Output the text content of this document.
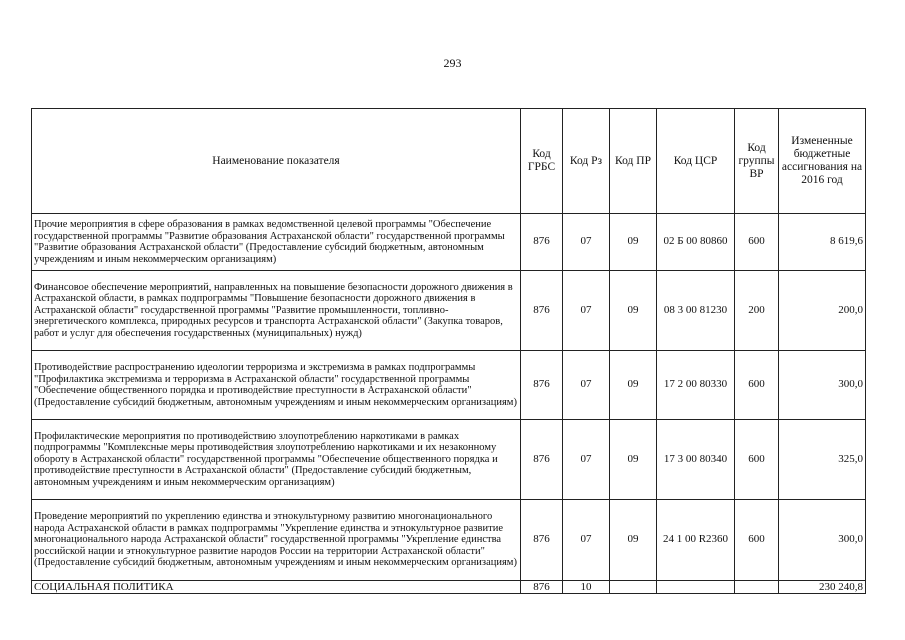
293
Наименование показателя	Код ГРБС	Код Рз	Код ПР	Код ЦСР	Код группы ВР	Измененные бюджетные ассигнования на 2016 год
Прочие мероприятия в сфере образования в рамках ведомственной целевой программы "Обеспечение государственной программы "Развитие образования Астраханской области" государственной программы "Развитие образования Астраханской области" (Предоставление субсидий бюджетным, автономным учреждениям и иным некоммерческим организациям)	876	07	09	02 Б 00 80860	600	8 619,6
Финансовое обеспечение мероприятий, направленных на повышение безопасности дорожного движения в Астраханской области, в рамках подпрограммы "Повышение безопасности дорожного движения в Астраханской области" государственной программы "Развитие промышленности, топливно-энергетического комплекса, природных ресурсов и транспорта Астраханской области" (Закупка товаров, работ и услуг для обеспечения государственных (муниципальных) нужд)	876	07	09	08 3 00 81230	200	200,0
Противодействие распространению идеологии терроризма и экстремизма в рамках подпрограммы "Профилактика экстремизма и терроризма в Астраханской области" государственной программы "Обеспечение общественного порядка и противодействие преступности в Астраханской области" (Предоставление субсидий бюджетным, автономным учреждениям и иным некоммерческим организациям)	876	07	09	17 2 00 80330	600	300,0
Профилактические мероприятия по противодействию злоупотреблению наркотиками в рамках подпрограммы "Комплексные меры противодействия злоупотреблению наркотиками и их незаконному обороту в Астраханской области" государственной программы "Обеспечение общественного порядка и противодействие преступности в Астраханской области" (Предоставление субсидий бюджетным, автономным учреждениям и иным некоммерческим организациям)	876	07	09	17 3 00 80340	600	325,0
Проведение мероприятий по укреплению единства и этнокультурному развитию многонационального народа Астраханской области в рамках подпрограммы "Укрепление единства и этнокультурное развитие многонационального народа Астраханской области" государственной программы "Укрепление единства российской нации и этнокультурное развитие народов России на территории Астраханской области" (Предоставление субсидий бюджетным, автономным учреждениям и иным некоммерческим организациям)	876	07	09	24 1 00 R2360	600	300,0
СОЦИАЛЬНАЯ ПОЛИТИКА	876	10				230 240,8
